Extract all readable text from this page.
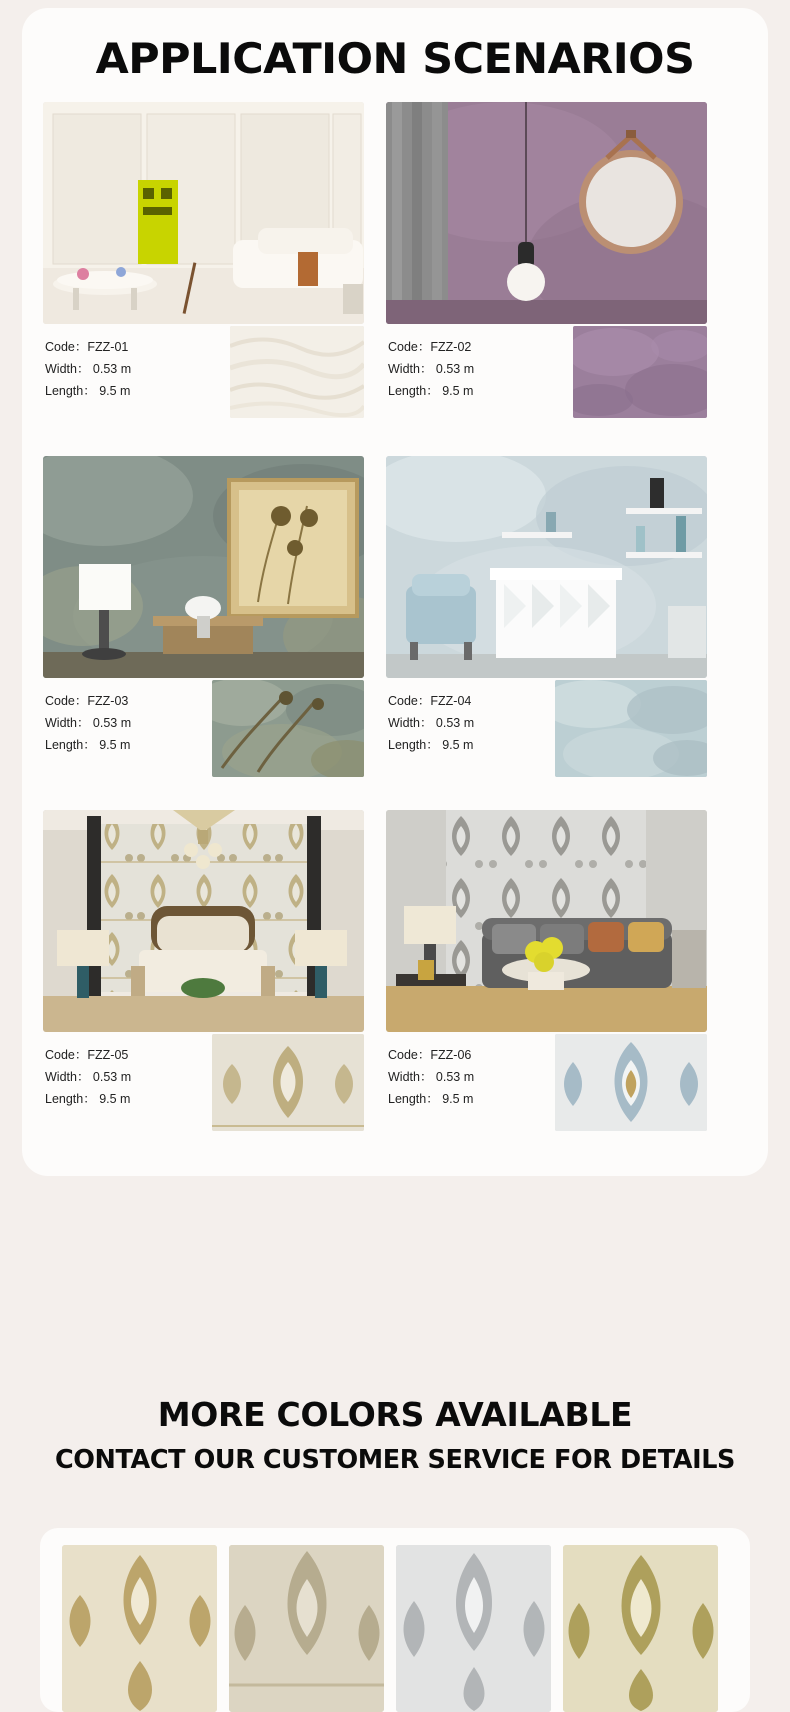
APPLICATION SCENARIOS
Code：FZZ-01
Width： 0.53 m
Length： 9.5 m
Code：FZZ-02
Width： 0.53 m
Length： 9.5 m
Code：FZZ-03
Width： 0.53 m
Length： 9.5 m
Code：FZZ-04
Width： 0.53 m
Length： 9.5 m
Code：FZZ-05
Width： 0.53 m
Length： 9.5 m
Code：FZZ-06
Width： 0.53 m
Length： 9.5 m
MORE COLORS AVAILABLE
CONTACT OUR CUSTOMER SERVICE FOR DETAILS
